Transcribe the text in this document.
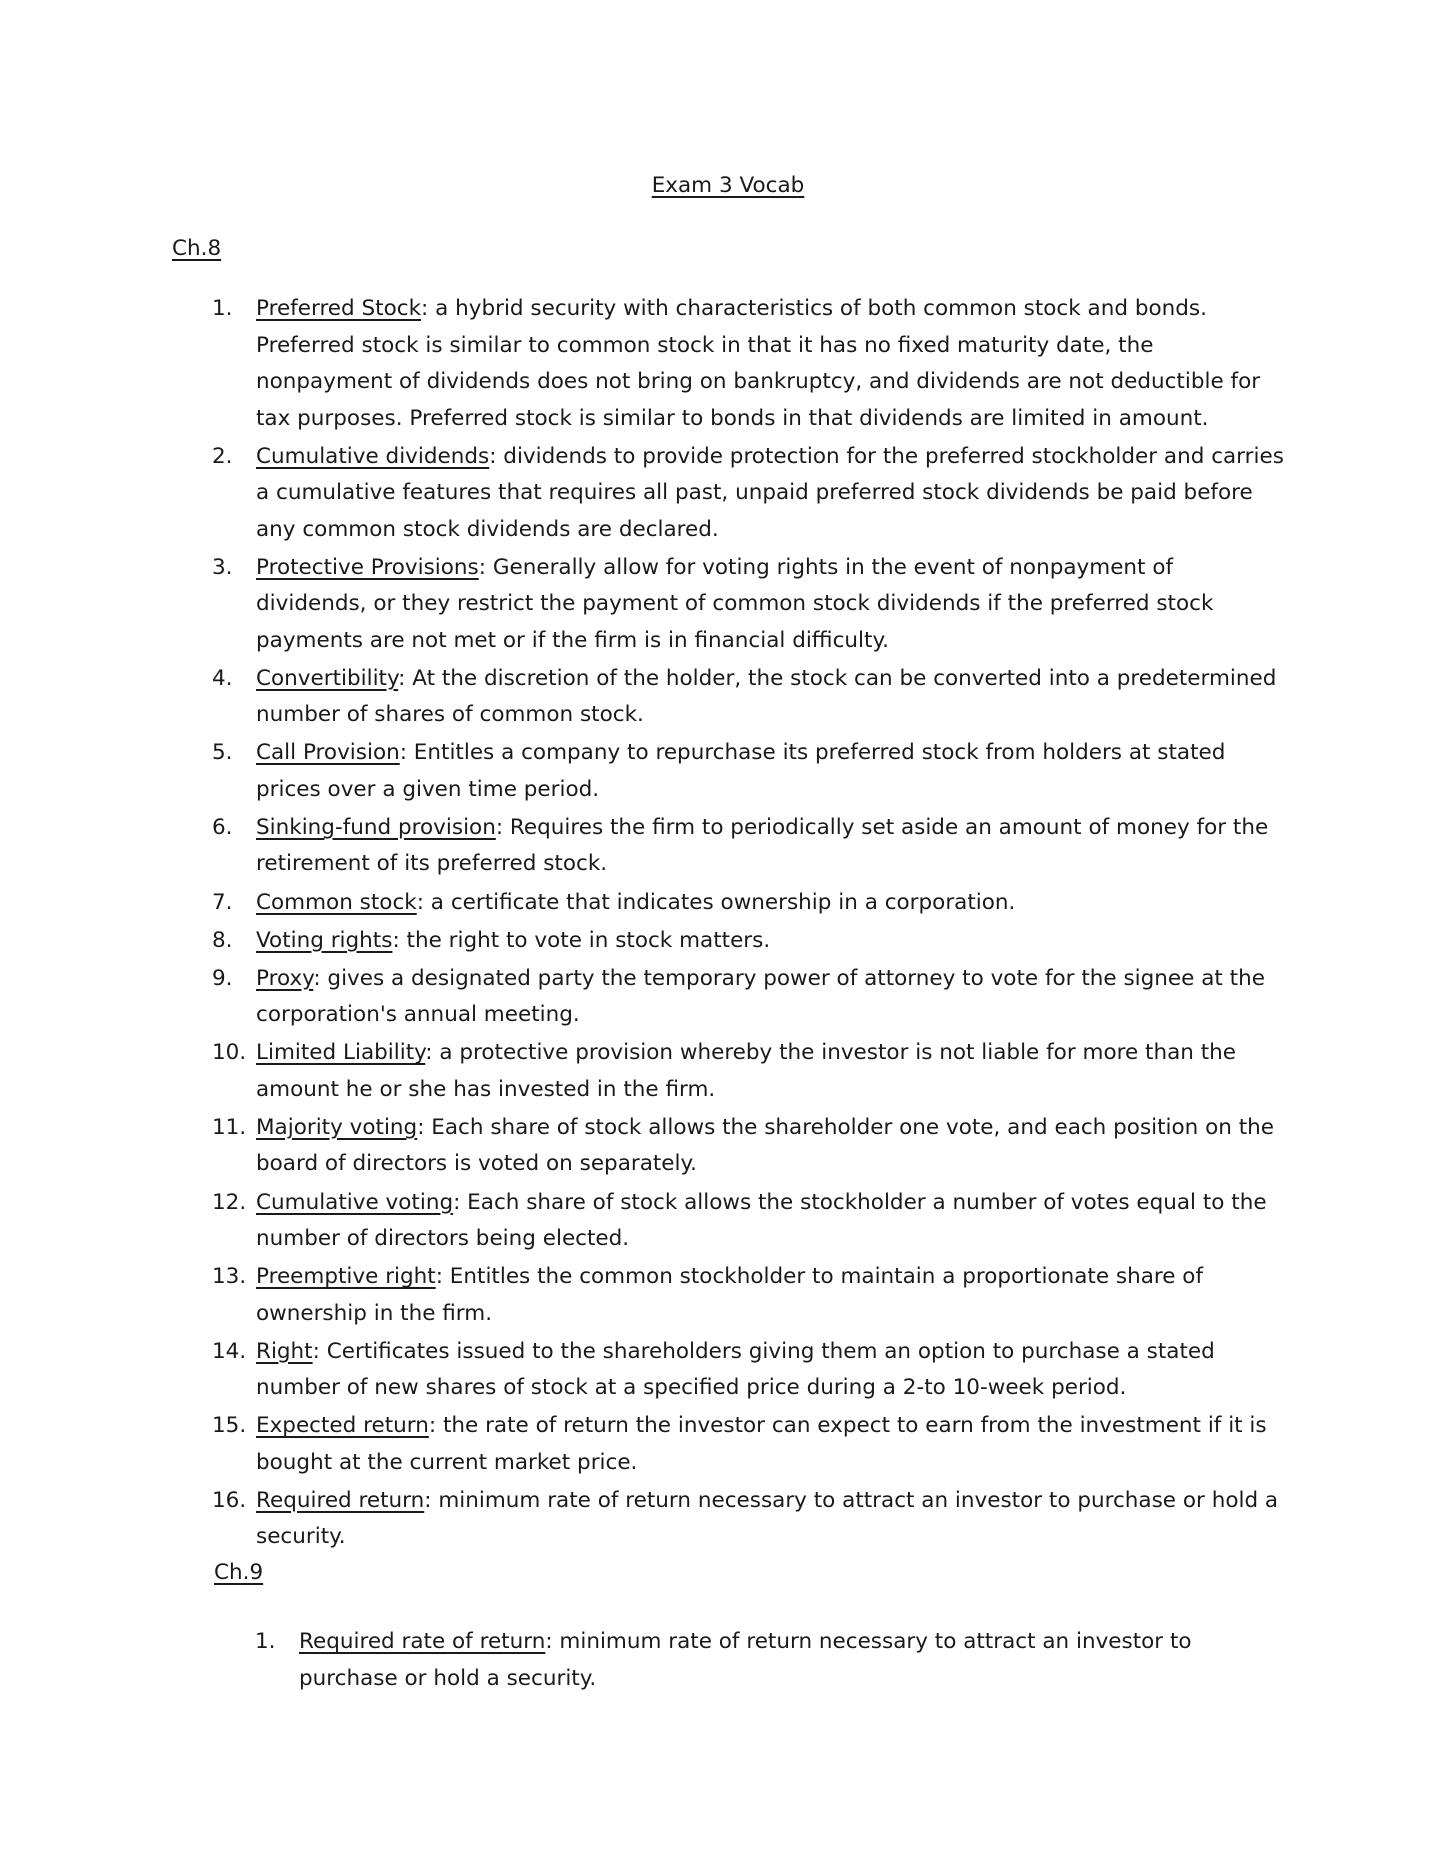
Exam 3 Vocab
Ch.8
1. Preferred Stock: a hybrid security with characteristics of both common stock and bonds. Preferred stock is similar to common stock in that it has no fixed maturity date, the nonpayment of dividends does not bring on bankruptcy, and dividends are not deductible for tax purposes. Preferred stock is similar to bonds in that dividends are limited in amount.
2. Cumulative dividends: dividends to provide protection for the preferred stockholder and carries a cumulative features that requires all past, unpaid preferred stock dividends be paid before any common stock dividends are declared.
3. Protective Provisions: Generally allow for voting rights in the event of nonpayment of dividends, or they restrict the payment of common stock dividends if the preferred stock payments are not met or if the firm is in financial difficulty.
4. Convertibility: At the discretion of the holder, the stock can be converted into a predetermined number of shares of common stock.
5. Call Provision: Entitles a company to repurchase its preferred stock from holders at stated prices over a given time period.
6. Sinking-fund provision: Requires the firm to periodically set aside an amount of money for the retirement of its preferred stock.
7. Common stock: a certificate that indicates ownership in a corporation.
8. Voting rights: the right to vote in stock matters.
9. Proxy: gives a designated party the temporary power of attorney to vote for the signee at the corporation's annual meeting.
10. Limited Liability: a protective provision whereby the investor is not liable for more than the amount he or she has invested in the firm.
11. Majority voting: Each share of stock allows the shareholder one vote, and each position on the board of directors is voted on separately.
12. Cumulative voting: Each share of stock allows the stockholder a number of votes equal to the number of directors being elected.
13. Preemptive right: Entitles the common stockholder to maintain a proportionate share of ownership in the firm.
14. Right: Certificates issued to the shareholders giving them an option to purchase a stated number of new shares of stock at a specified price during a 2-to 10-week period.
15. Expected return: the rate of return the investor can expect to earn from the investment if it is bought at the current market price.
16. Required return: minimum rate of return necessary to attract an investor to purchase or hold a security.
Ch.9
1. Required rate of return: minimum rate of return necessary to attract an investor to purchase or hold a security.
